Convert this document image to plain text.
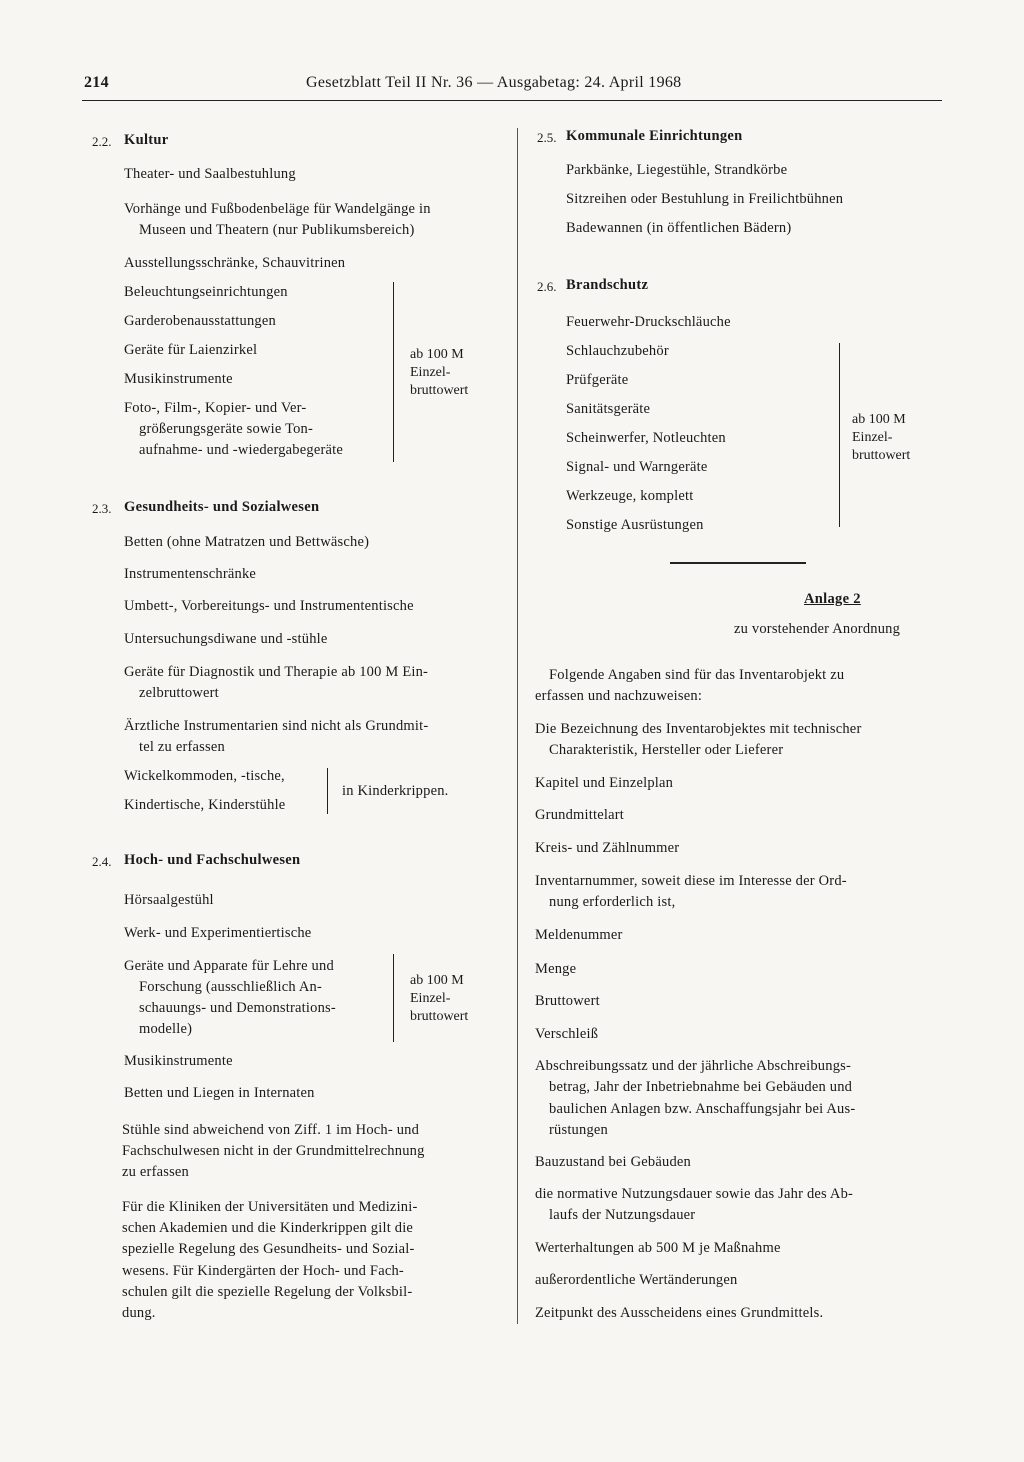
214	Gesetzblatt Teil II Nr. 36 — Ausgabetag: 24. April 1968
2.2. Kultur
Theater- und Saalbestuhlung
Vorhänge und Fußbodenbeläge für Wandelgänge in
Museen und Theatern (nur Publikumsbereich)
Ausstellungsschränke, Schauvitrinen
Beleuchtungseinrichtungen
Garderobenausstattungen
Geräte für Laienzirkel
Musikinstrumente
Foto-, Film-, Kopier- und Ver-
größerungsgeräte sowie Ton-
aufnahme- und -wiedergabegeräte
ab 100 M
Einzel-
bruttowert
2.3. Gesundheits- und Sozialwesen
Betten (ohne Matratzen und Bettwäsche)
Instrumentenschränke
Umbett-, Vorbereitungs- und Instrumententische
Untersuchungsdiwane und -stühle
Geräte für Diagnostik und Therapie ab 100 M Ein-
zelbruttowert
Ärztliche Instrumentarien sind nicht als Grundmit-
tel zu erfassen
Wickelkommoden, -tische,
Kindertische, Kinderstühle
in Kinderkrippen.
2.4. Hoch- und Fachschulwesen
Hörsaalgestühl
Werk- und Experimentiertische
Geräte und Apparate für Lehre und
Forschung (ausschließlich An-
schauungs- und Demonstrations-
modelle)
ab 100 M
Einzel-
bruttowert
Musikinstrumente
Betten und Liegen in Internaten
Stühle sind abweichend von Ziff. 1 im Hoch- und
Fachschulwesen nicht in der Grundmittelrechnung
zu erfassen
Für die Kliniken der Universitäten und Medizini-
schen Akademien und die Kinderkrippen gilt die
spezielle Regelung des Gesundheits- und Sozial-
wesens. Für Kindergärten der Hoch- und Fach-
schulen gilt die spezielle Regelung der Volksbil-
dung.
2.5. Kommunale Einrichtungen
Parkbänke, Liegestühle, Strandkörbe
Sitzreihen oder Bestuhlung in Freilichtbühnen
Badewannen (in öffentlichen Bädern)
2.6. Brandschutz
Feuerwehr-Druckschläuche
Schlauchzubehör
Prüfgeräte
Sanitätsgeräte
Scheinwerfer, Notleuchten
Signal- und Warngeräte
Werkzeuge, komplett
Sonstige Ausrüstungen
ab 100 M
Einzel-
bruttowert
Anlage 2
zu vorstehender Anordnung
Folgende Angaben sind für das Inventarobjekt zu
erfassen und nachzuweisen:
Die Bezeichnung des Inventarobjektes mit technischer
Charakteristik, Hersteller oder Lieferer
Kapitel und Einzelplan
Grundmittelart
Kreis- und Zählnummer
Inventarnummer, soweit diese im Interesse der Ord-
nung erforderlich ist,
Meldenummer
Menge
Bruttowert
Verschleiß
Abschreibungssatz und der jährliche Abschreibungs-
betrag, Jahr der Inbetriebnahme bei Gebäuden und
baulichen Anlagen bzw. Anschaffungsjahr bei Aus-
rüstungen
Bauzustand bei Gebäuden
die normative Nutzungsdauer sowie das Jahr des Ab-
laufs der Nutzungsdauer
Werterhaltungen ab 500 M je Maßnahme
außerordentliche Wertänderungen
Zeitpunkt des Ausscheidens eines Grundmittels.
